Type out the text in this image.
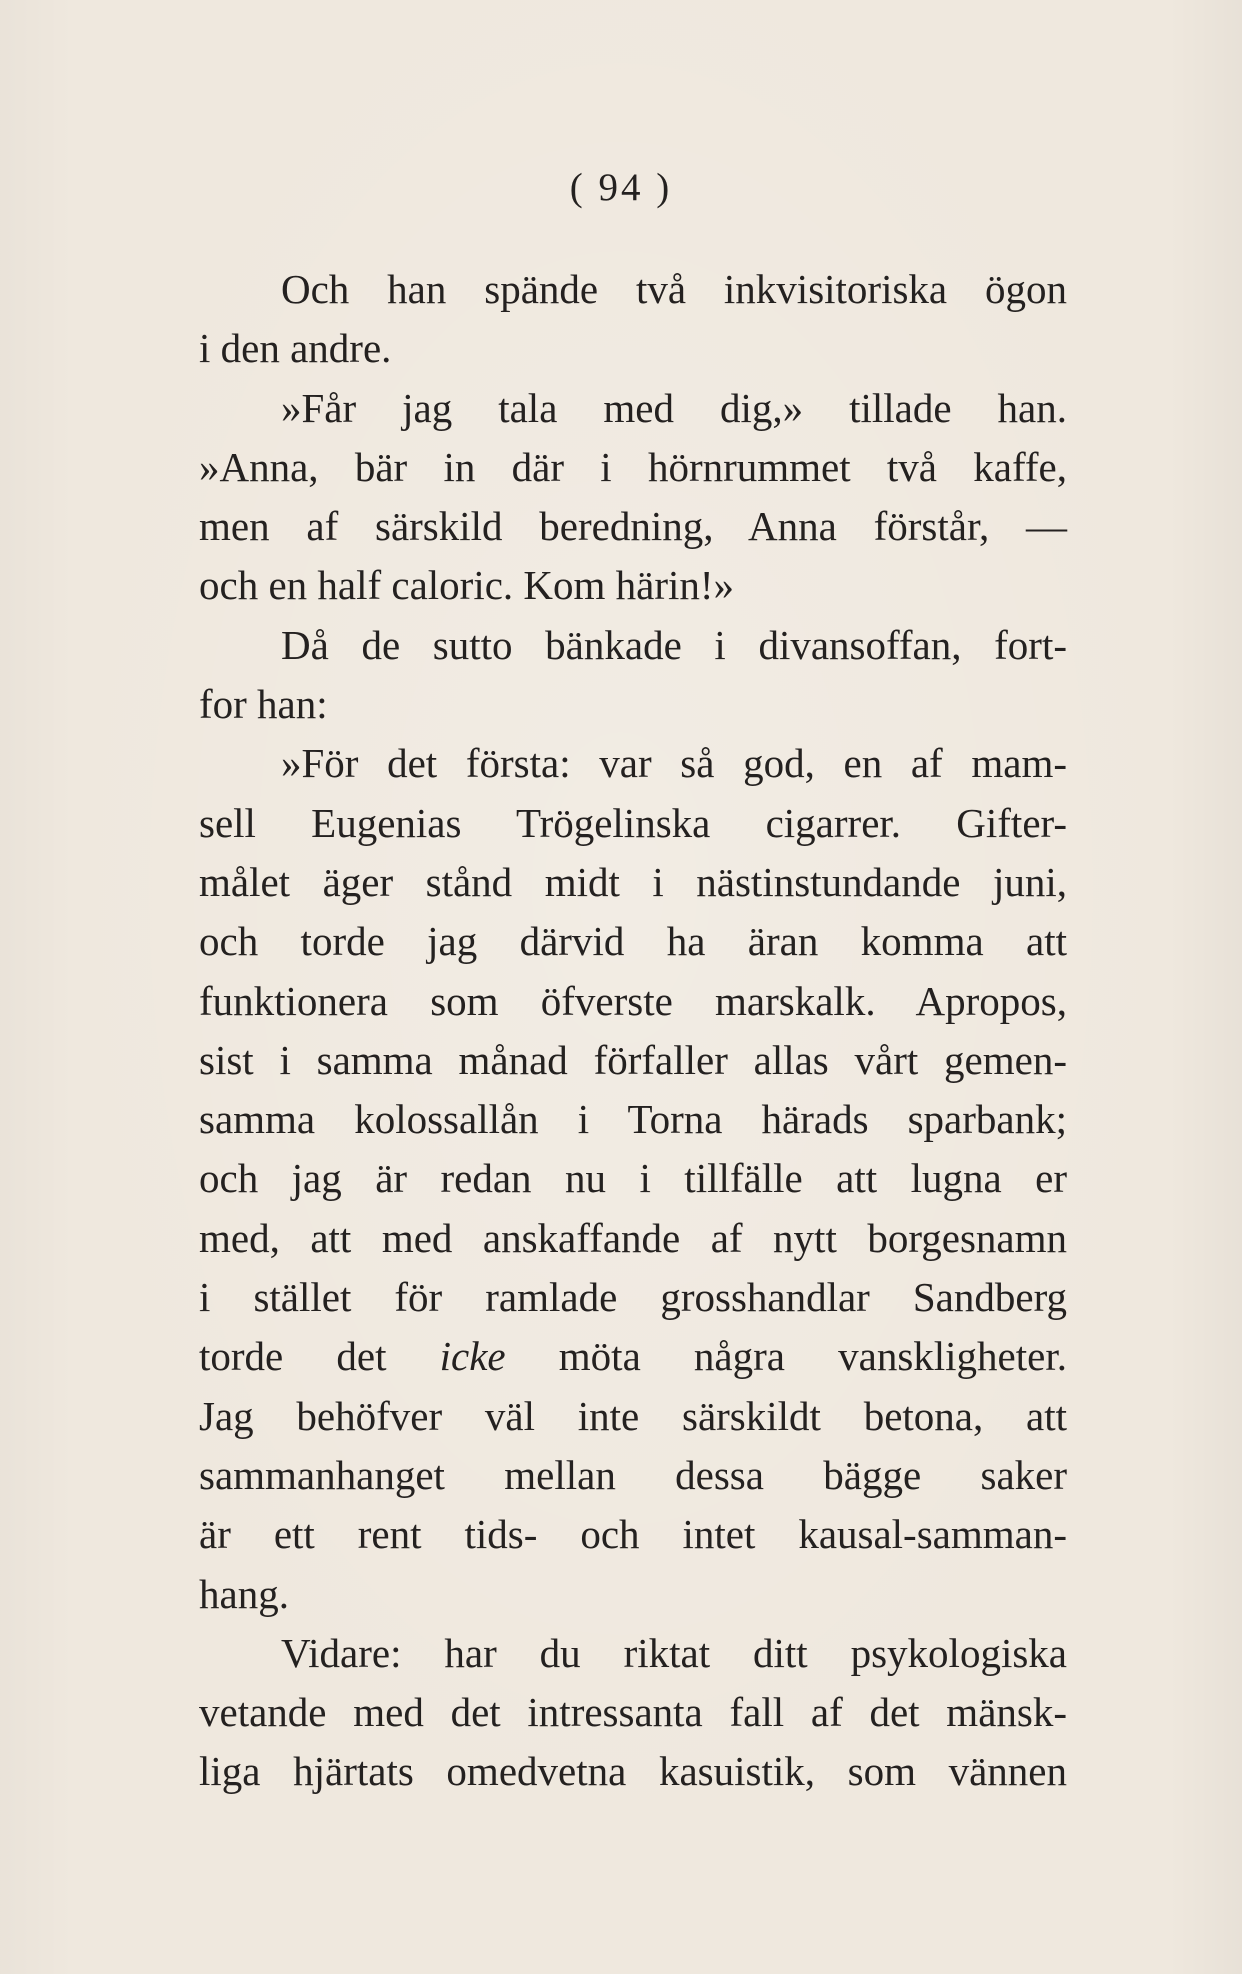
( 94 )
Och han spände två inkvisitoriska ögon
i den andre.
»Får jag tala med dig,» tillade han.
»Anna, bär in där i hörnrummet två kaffe,
men af särskild beredning, Anna förstår, —
och en half caloric. Kom härin!»
Då de sutto bänkade i divansoffan, fort-
for han:
»För det första: var så god, en af mam-
sell Eugenias Trögelinska cigarrer. Gifter-
målet äger stånd midt i nästinstundande juni,
och torde jag därvid ha äran komma att
funktionera som öfverste marskalk. Apropos,
sist i samma månad förfaller allas vårt gemen-
samma kolossallån i Torna härads sparbank;
och jag är redan nu i tillfälle att lugna er
med, att med anskaffande af nytt borgesnamn
i stället för ramlade grosshandlar Sandberg
torde det icke möta några vanskligheter.
Jag behöfver väl inte särskildt betona, att
sammanhanget mellan dessa bägge saker
är ett rent tids- och intet kausal-samman-
hang.
Vidare: har du riktat ditt psykologiska
vetande med det intressanta fall af det mänsk-
liga hjärtats omedvetna kasuistik, som vännen
